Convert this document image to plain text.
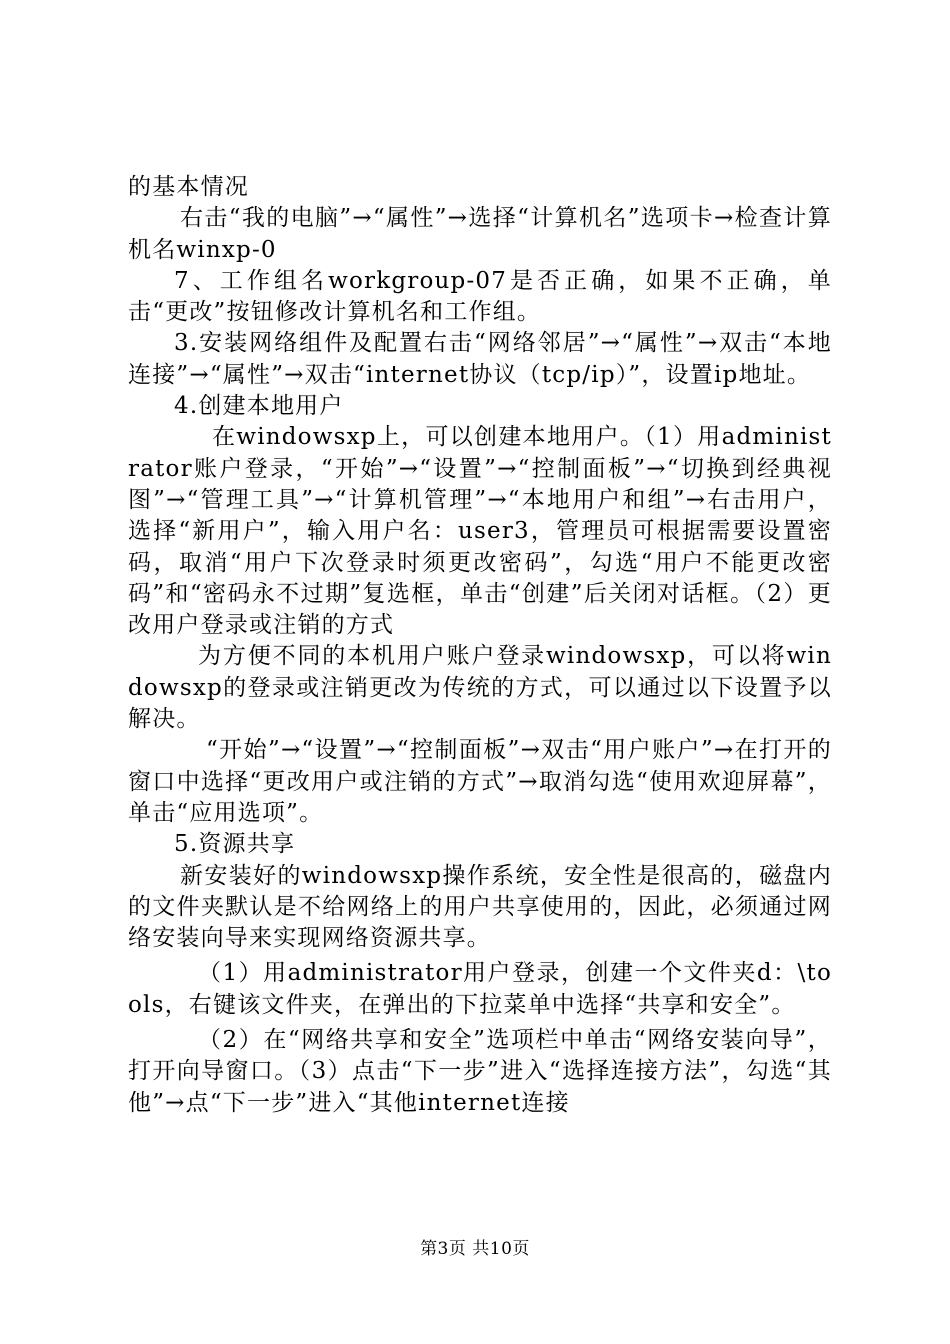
的基本情况

右击“我的电脑”→“属性”→选择“计算机名”选项卡→检查计算机名winxp-0

7、工作组名workgroup-07是否正确，如果不正确，单击“更改”按钮修改计算机名和工作组。

3.安装网络组件及配置右击“网络邻居”→“属性”→双击“本地连接”→“属性”→双击“internet协议（tcp/ip）”，设置ip地址。

4.创建本地用户

在windowsxp上，可以创建本地用户。（1）用administrator账户登录，“开始”→“设置”→“控制面板”→“切换到经典视图”→“管理工具”→“计算机管理”→“本地用户和组”→右击用户，选择“新用户”，输入用户名：user3，管理员可根据需要设置密码，取消“用户下次登录时须更改密码”，勾选“用户不能更改密码”和“密码永不过期”复选框，单击“创建”后关闭对话框。（2）更改用户登录或注销的方式

为方便不同的本机用户账户登录windowsxp，可以将windowsxp的登录或注销更改为传统的方式，可以通过以下设置予以解决。

“开始”→“设置”→“控制面板”→双击“用户账户”→在打开的窗口中选择“更改用户或注销的方式”→取消勾选“使用欢迎屏幕”，单击“应用选项”。

5.资源共享

新安装好的windowsxp操作系统，安全性是很高的，磁盘内的文件夹默认是不给网络上的用户共享使用的，因此，必须通过网络安装向导来实现网络资源共享。

（1）用administrator用户登录，创建一个文件夹d：\tools，右键该文件夹，在弹出的下拉菜单中选择“共享和安全”。

（2）在“网络共享和安全”选项栏中单击“网络安装向导”，打开向导窗口。（3）点击“下一步”进入“选择连接方法”，勾选“其他”→点“下一步”进入“其他internet连接

第3页 共10页
